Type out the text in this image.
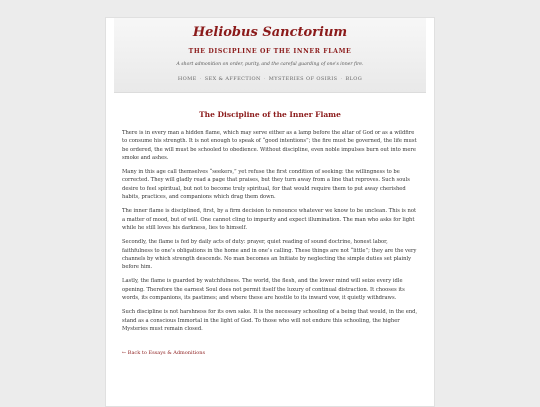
Heliobus Sanctorium
THE DISCIPLINE OF THE INNER FLAME
A short admonition on order, purity, and the careful guarding of one's inner fire.
HOME · SEX & AFFECTION · MYSTERIES OF OSIRIS · BLOG
The Discipline of the Inner Flame

There is in every man a hidden flame, which may serve either as a lamp before the altar of God or as a wildfire to consume his strength. It is not enough to speak of “good intentions”; the fire must be governed, the life must be ordered, the will must be schooled to obedience. Without discipline, even noble impulses burn out into mere smoke and ashes.

Many in this age call themselves “seekers,” yet refuse the first condition of seeking: the willingness to be corrected. They will gladly read a page that praises, but they turn away from a line that reproves. Such souls desire to feel spiritual, but not to become truly spiritual, for that would require them to put away cherished habits, practices, and companions which drag them down.

The inner flame is disciplined, first, by a firm decision to renounce whatever we know to be unclean. This is not a matter of mood, but of will. One cannot cling to impurity and expect illumination. The man who asks for light while he still loves his darkness, lies to himself.

Secondly, the flame is fed by daily acts of duty: prayer, quiet reading of sound doctrine, honest labor, faithfulness to one’s obligations in the home and in one’s calling. These things are not “little”; they are the very channels by which strength descends. No man becomes an Initiate by neglecting the simple duties set plainly before him.

Lastly, the flame is guarded by watchfulness. The world, the flesh, and the lower mind will seize every idle opening. Therefore the earnest Soul does not permit itself the luxury of continual distraction. It chooses its words, its companions, its pastimes; and where these are hostile to its inward vow, it quietly withdraws.

Such discipline is not harshness for its own sake. It is the necessary schooling of a being that would, in the end, stand as a conscious Immortal in the light of God. To those who will not endure this schooling, the higher Mysteries must remain closed.

← Back to Essays & Admonitions
